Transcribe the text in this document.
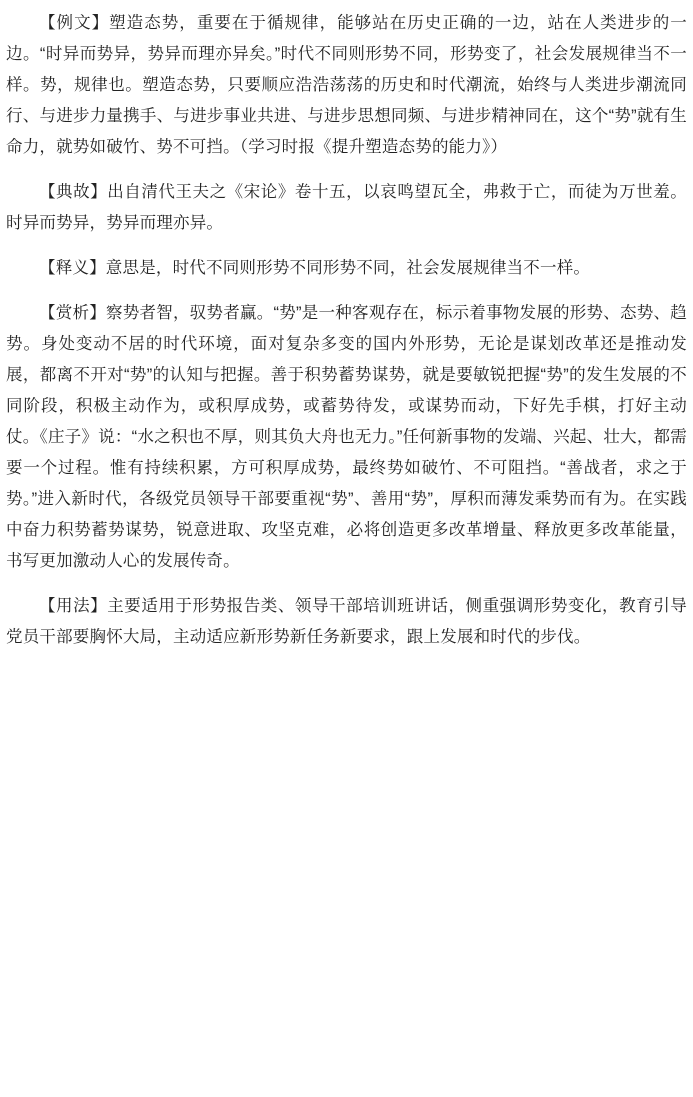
【例文】塑造态势，重要在于循规律，能够站在历史正确的一边，站在人类进步的一边。“时异而势异，势异而理亦异矣。”时代不同则形势不同，形势变了，社会发展规律当不一样。势，规律也。塑造态势，只要顺应浩浩荡荡的历史和时代潮流，始终与人类进步潮流同行、与进步力量携手、与进步事业共进、与进步思想同频、与进步精神同在，这个“势”就有生命力，就势如破竹、势不可挡。（学习时报《提升塑造态势的能力》）

【典故】出自清代王夫之《宋论》卷十五，以哀鸣望瓦全，弗救于亡，而徒为万世羞。时异而势异，势异而理亦异。

【释义】意思是，时代不同则形势不同形势不同，社会发展规律当不一样。

【赏析】察势者智，驭势者赢。“势”是一种客观存在，标示着事物发展的形势、态势、趋势。身处变动不居的时代环境，面对复杂多变的国内外形势，无论是谋划改革还是推动发展，都离不开对“势”的认知与把握。善于积势蓄势谋势，就是要敏锐把握“势”的发生发展的不同阶段，积极主动作为，或积厚成势，或蓄势待发，或谋势而动，下好先手棋，打好主动仗。《庄子》说：“水之积也不厚，则其负大舟也无力。”任何新事物的发端、兴起、壮大，都需要一个过程。惟有持续积累，方可积厚成势，最终势如破竹、不可阻挡。“善战者，求之于势。”进入新时代，各级党员领导干部要重视“势”、善用“势”，厚积而薄发乘势而有为。在实践中奋力积势蓄势谋势，锐意进取、攻坚克难，必将创造更多改革增量、释放更多改革能量，书写更加激动人心的发展传奇。

【用法】主要适用于形势报告类、领导干部培训班讲话，侧重强调形势变化，教育引导党员干部要胸怀大局，主动适应新形势新任务新要求，跟上发展和时代的步伐。
